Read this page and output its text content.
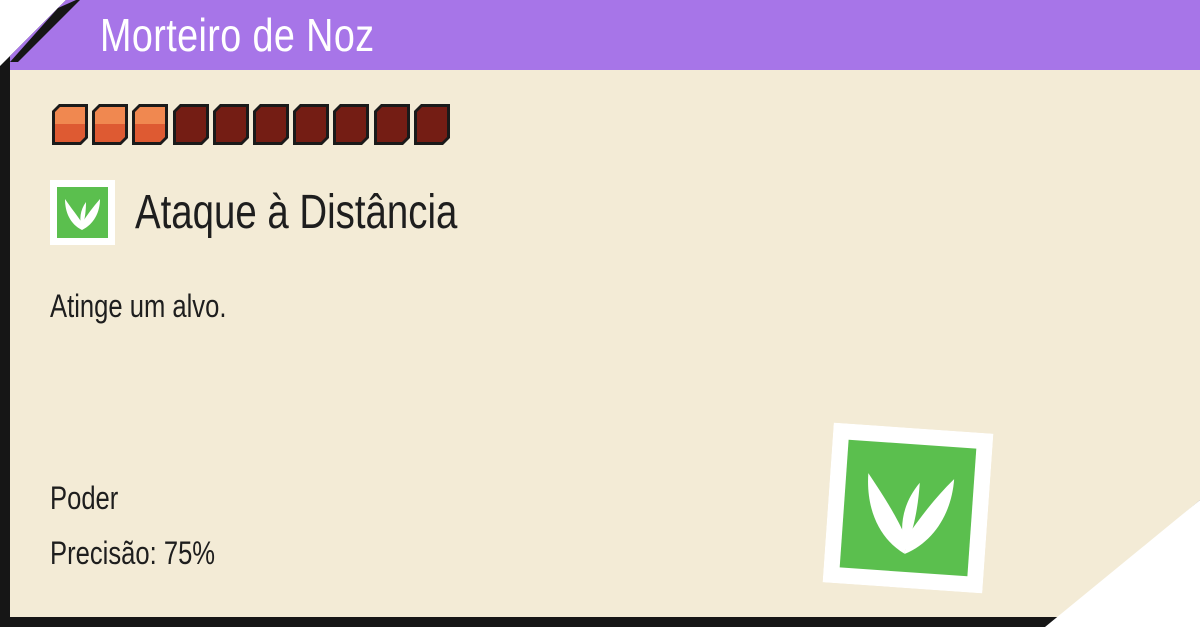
Morteiro de Noz
Ataque à Distância
Atinge um alvo.
Poder
Precisão: 75%
